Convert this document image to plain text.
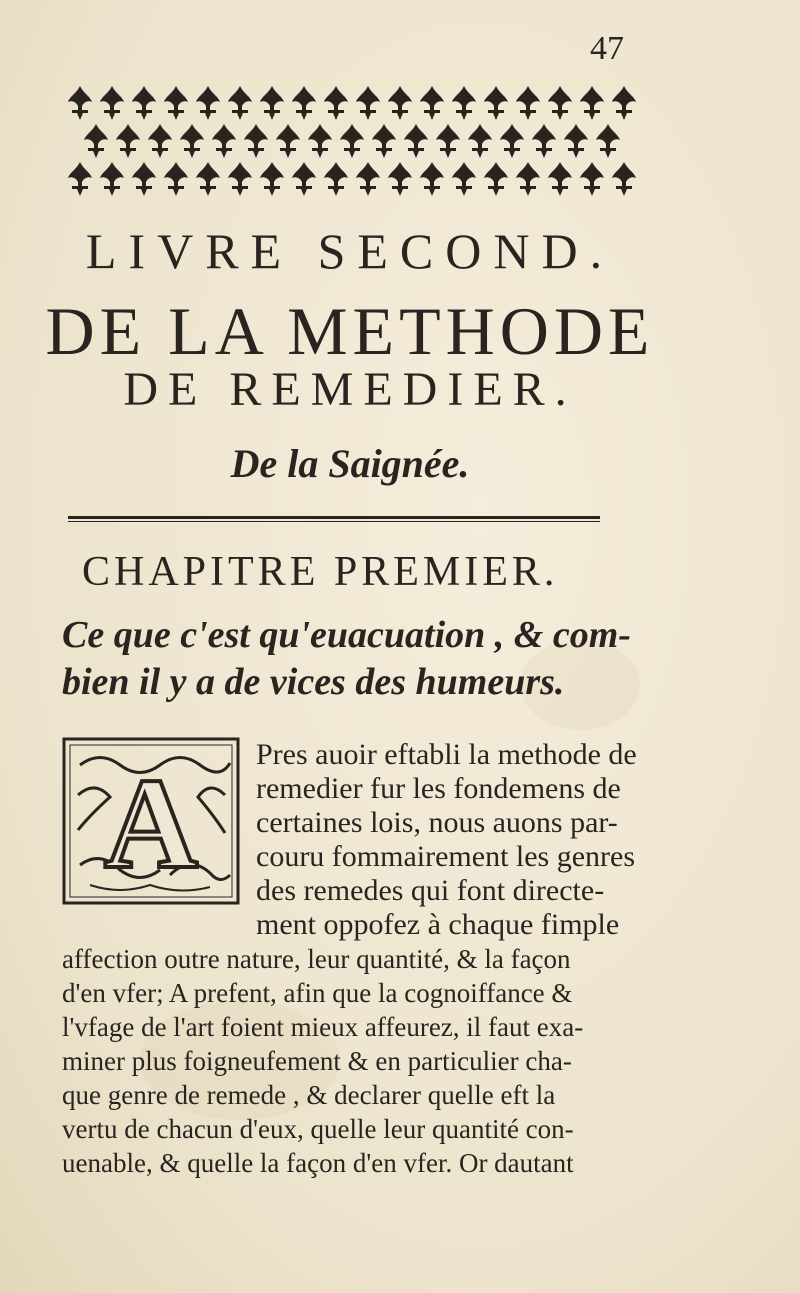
47
LIVRE SECOND.
DE LA METHODE
DE REMEDIER.
De la Saignée.
CHAPITRE PREMIER.
Ce que c'est qu'euacuation , & com-
bien il y a de vices des humeurs.
A Pres auoir eftabli la methode de
remedier fur les fondemens de
certaines lois, nous auons par-
couru fommairement les genres
des remedes qui font directe-
ment oppofez à chaque fimple
affection outre nature, leur quantité, & la façon
d'en vfer; A prefent, afin que la cognoiffance &
l'vfage de l'art foient mieux affeurez, il faut exa-
miner plus foigneufement & en particulier cha-
que genre de remede , & declarer quelle eft la
vertu de chacun d'eux, quelle leur quantité con-
uenable, & quelle la façon d'en vfer. Or dautant
